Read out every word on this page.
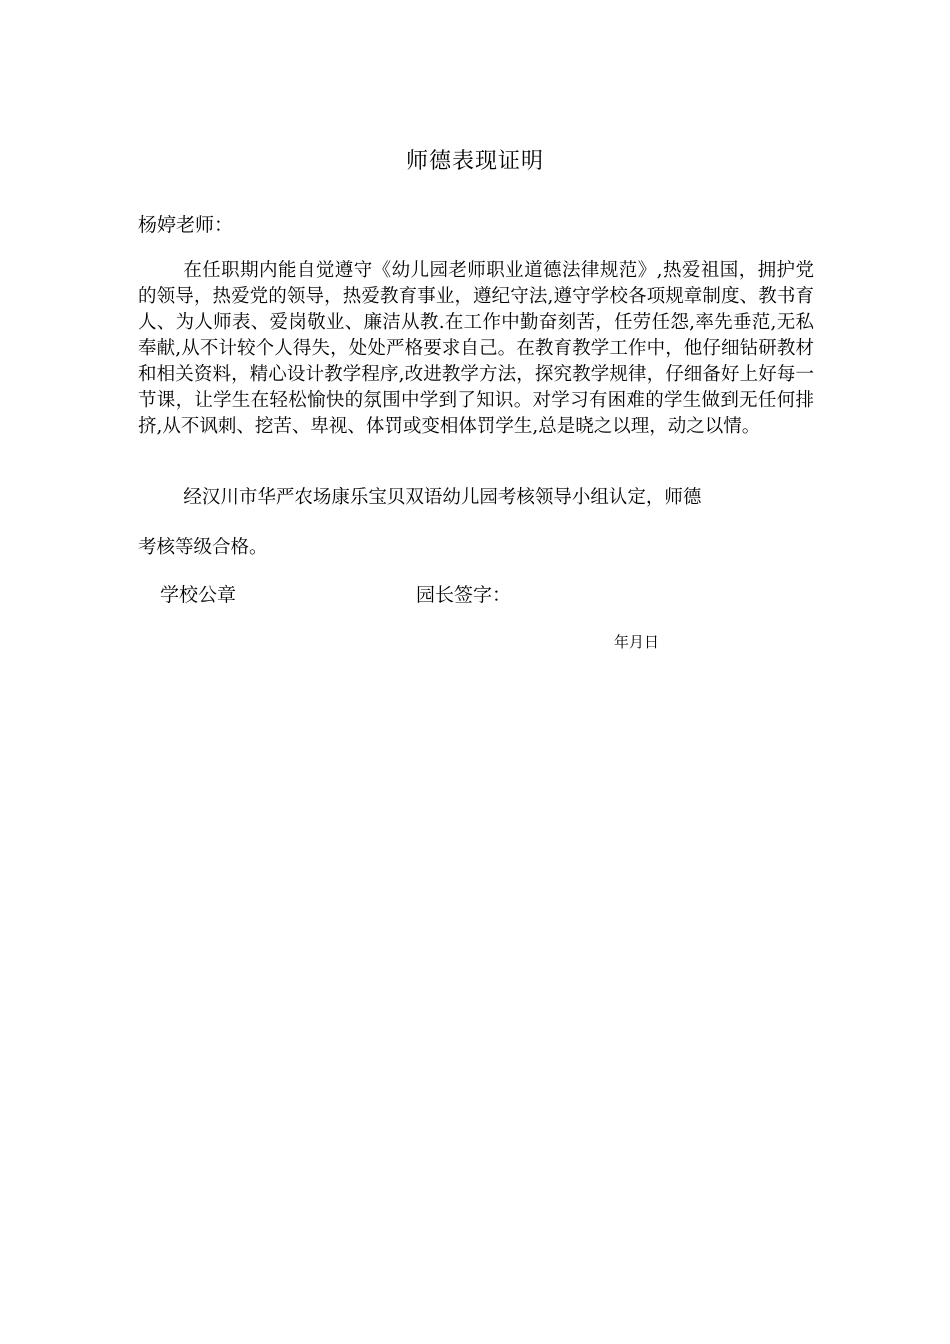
师德表现证明
杨婷老师：

在任职期内能自觉遵守《幼儿园老师职业道德法律规范》,热爱祖国，拥护党的领导，热爱党的领导，热爱教育事业，遵纪守法,遵守学校各项规章制度、教书育人、为人师表、爱岗敬业、廉洁从教.在工作中勤奋刻苦，任劳任怨,率先垂范,无私奉献,从不计较个人得失，处处严格要求自己。在教育教学工作中，他仔细钻研教材和相关资料，精心设计教学程序,改进教学方法，探究教学规律，仔细备好上好每一节课，让学生在轻松愉快的氛围中学到了知识。对学习有困难的学生做到无任何排挤,从不讽刺、挖苦、卑视、体罚或变相体罚学生,总是晓之以理，动之以情。

经汉川市华严农场康乐宝贝双语幼儿园考核领导小组认定，师德

考核等级合格。
学校公章	园长签字：
年月日
